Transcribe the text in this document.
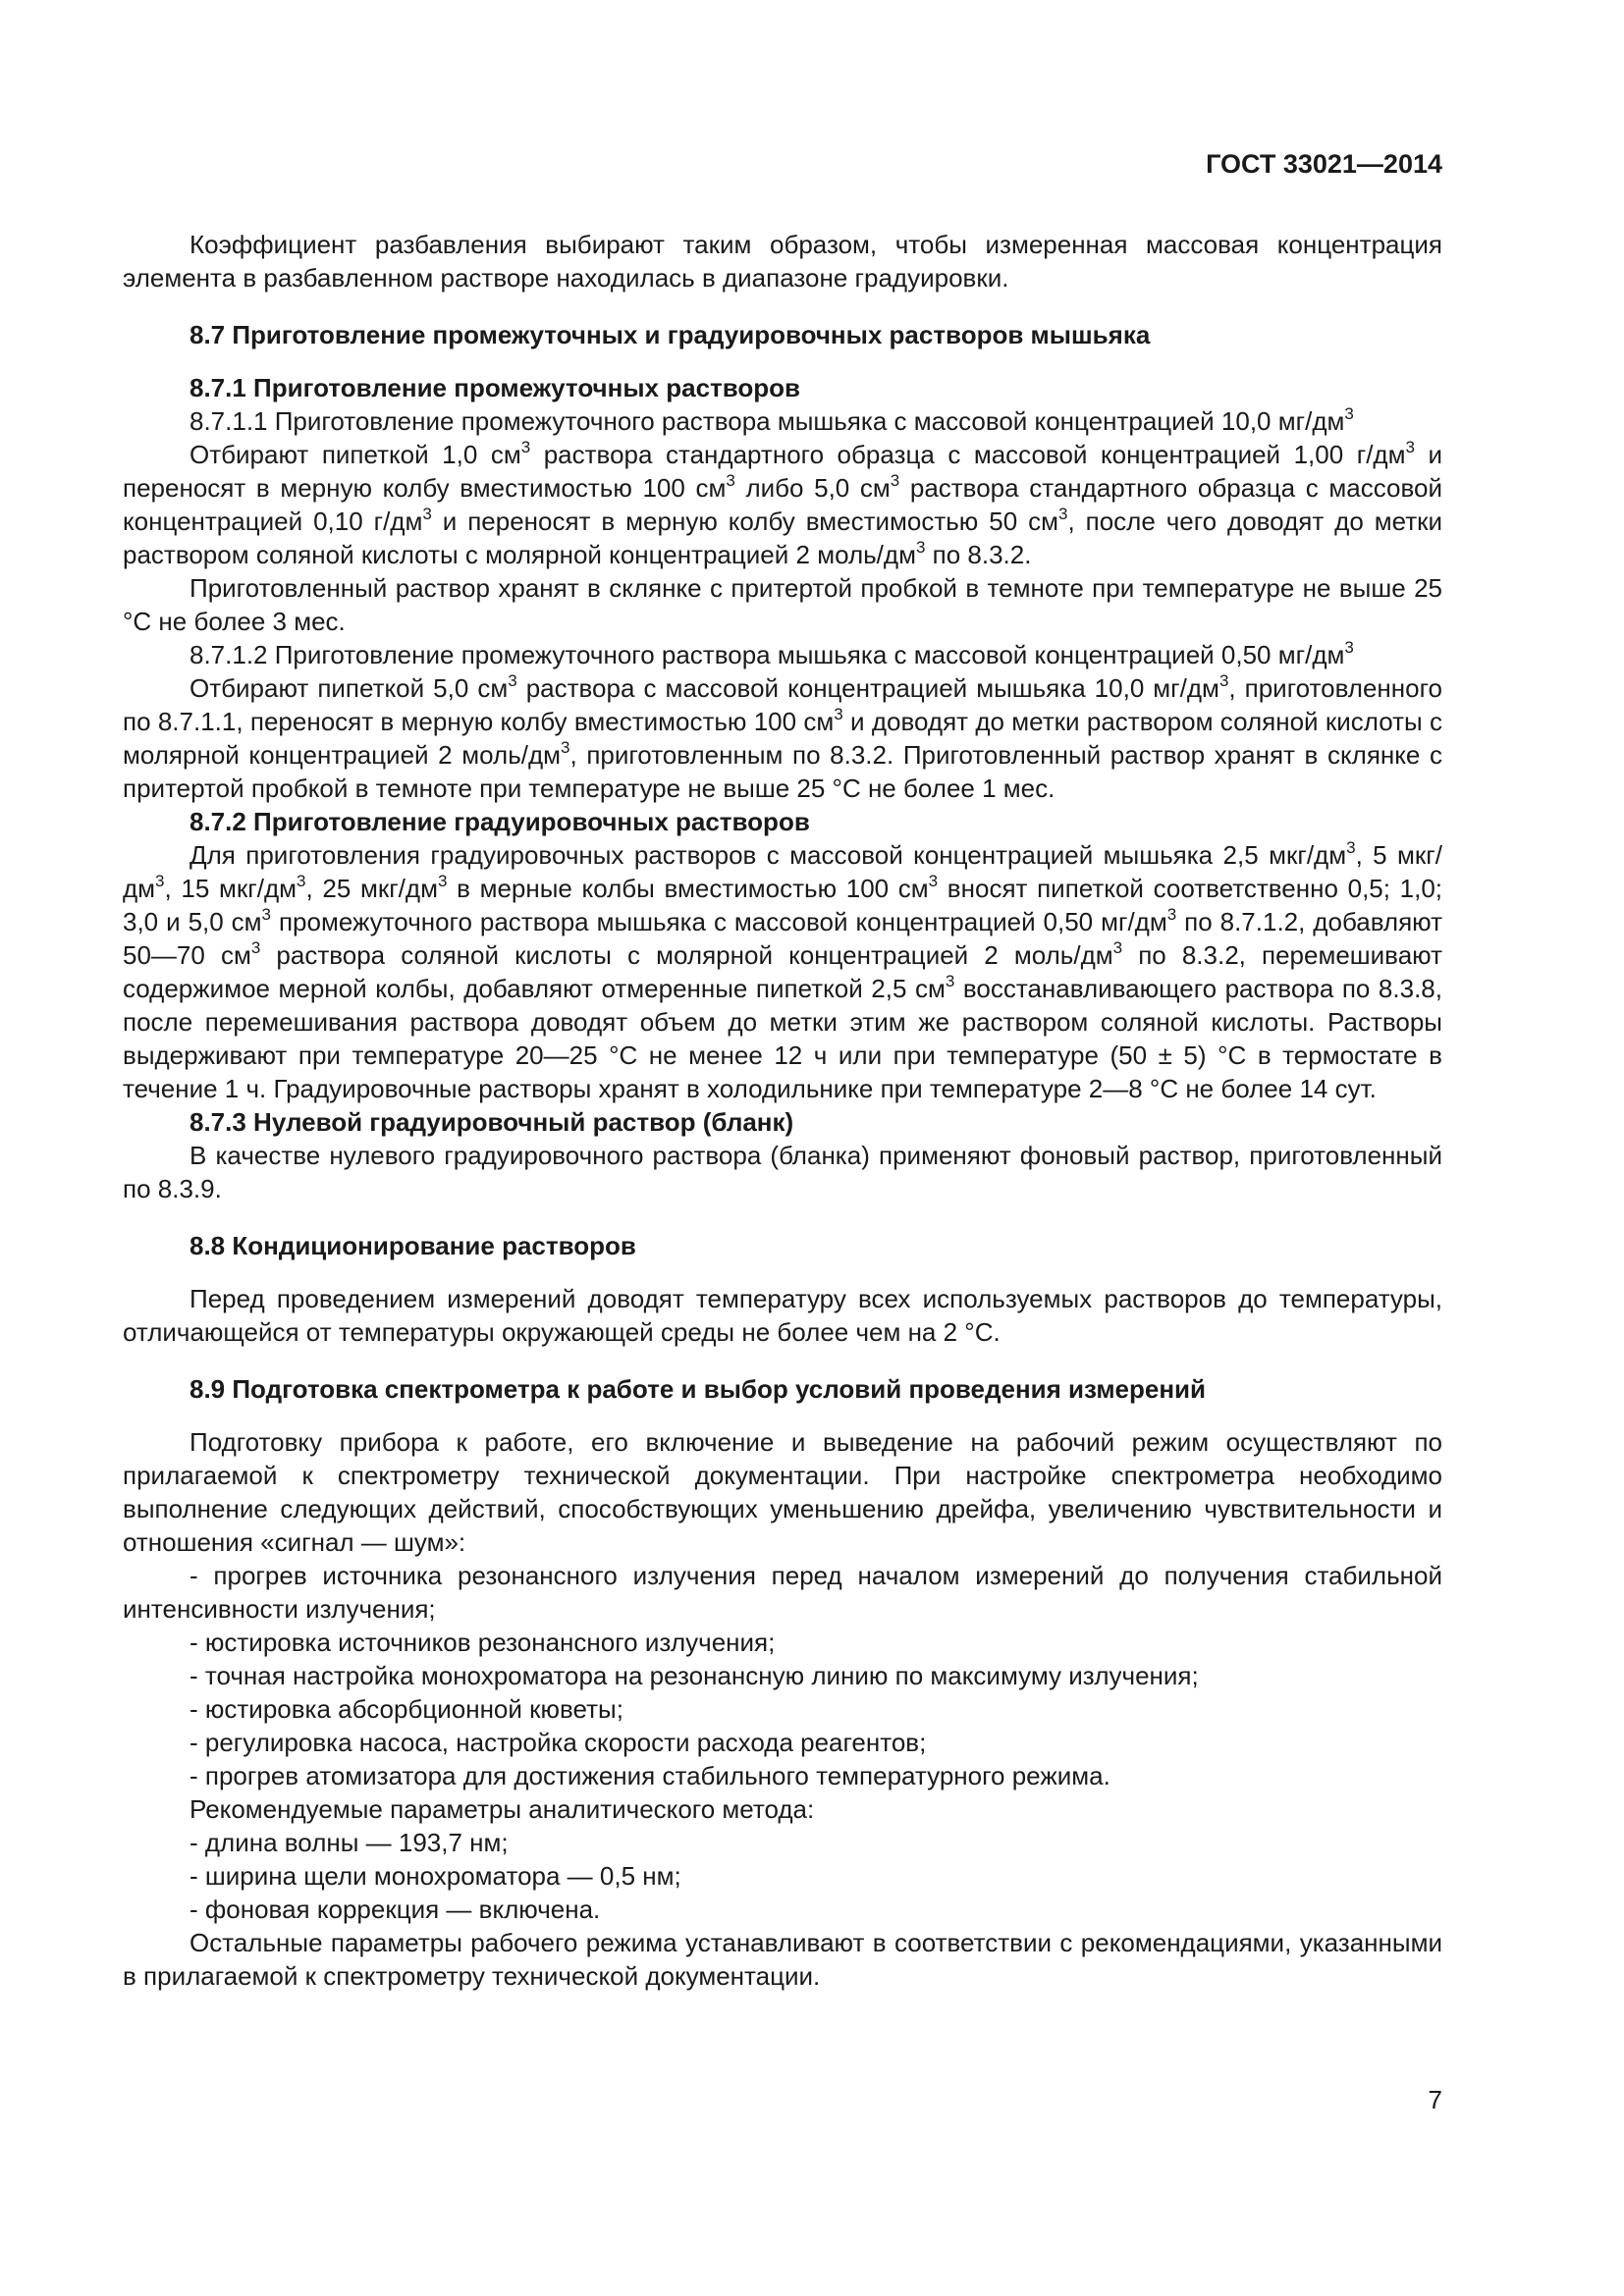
ГОСТ 33021—2014

Коэффициент разбавления выбирают таким образом, чтобы измеренная массовая концентрация элемента в разбавленном растворе находилась в диапазоне градуировки.

8.7 Приготовление промежуточных и градуировочных растворов мышьяка

8.7.1 Приготовление промежуточных растворов

8.7.1.1 Приготовление промежуточного раствора мышьяка с массовой концентрацией 10,0 $мг/дм^3$

Отбирают пипеткой 1,0 $см^3$ раствора стандартного образца с массовой концентрацией 1,00 $г/дм^3$ и переносят в мерную колбу вместимостью 100 $см^3$ либо 5,0 $см^3$ раствора стандартного образца с массовой концентрацией 0,10 $г/дм^3$ и переносят в мерную колбу вместимостью 50 $см^3$, после чего доводят до метки раствором соляной кислоты с молярной концентрацией 2 моль/$дм^3$ по 8.3.2.

Приготовленный раствор хранят в склянке с притертой пробкой в темноте при температуре не выше 25 °С не более 3 мес.

8.7.1.2 Приготовление промежуточного раствора мышьяка с массовой концентрацией 0,50 $мг/дм^3$

Отбирают пипеткой 5,0 $см^3$ раствора с массовой концентрацией мышьяка 10,0 $мг/дм^3$, приготовленного по 8.7.1.1, переносят в мерную колбу вместимостью 100 $см^3$ и доводят до метки раствором соляной кислоты с молярной концентрацией 2 моль/$дм^3$, приготовленным по 8.3.2. Приготовленный раствор хранят в склянке с притертой пробкой в темноте при температуре не выше 25 °С не более 1 мес.

8.7.2 Приготовление градуировочных растворов

Для приготовления градуировочных растворов с массовой концентрацией мышьяка 2,5 мкг/$дм^3$, 5 мкг/$дм^3$, 15 мкг/$дм^3$, 25 мкг/$дм^3$ в мерные колбы вместимостью 100 $см^3$ вносят пипеткой соответственно 0,5; 1,0; 3,0 и 5,0 $см^3$ промежуточного раствора мышьяка с массовой концентрацией 0,50 $мг/дм^3$ по 8.7.1.2, добавляют 50—70 $см^3$ раствора соляной кислоты с молярной концентрацией 2 моль/$дм^3$ по 8.3.2, перемешивают содержимое мерной колбы, добавляют отмеренные пипеткой 2,5 $см^3$ восстанавливающего раствора по 8.3.8, после перемешивания раствора доводят объем до метки этим же раствором соляной кислоты. Растворы выдерживают при температуре 20—25 °С не менее 12 ч или при температуре (50 ± 5) °С в термостате в течение 1 ч. Градуировочные растворы хранят в холодильнике при температуре 2—8 °С не более 14 сут.

8.7.3 Нулевой градуировочный раствор (бланк)

В качестве нулевого градуировочного раствора (бланка) применяют фоновый раствор, приготовленный по 8.3.9.

8.8 Кондиционирование растворов

Перед проведением измерений доводят температуру всех используемых растворов до температуры, отличающейся от температуры окружающей среды не более чем на 2 °С.

8.9 Подготовка спектрометра к работе и выбор условий проведения измерений

Подготовку прибора к работе, его включение и выведение на рабочий режим осуществляют по прилагаемой к спектрометру технической документации. При настройке спектрометра необходимо выполнение следующих действий, способствующих уменьшению дрейфа, увеличению чувствительности и отношения «сигнал — шум»:

- прогрев источника резонансного излучения перед началом измерений до получения стабильной интенсивности излучения;

- юстировка источников резонансного излучения;

- точная настройка монохроматора на резонансную линию по максимуму излучения;

- юстировка абсорбционной кюветы;

- регулировка насоса, настройка скорости расхода реагентов;

- прогрев атомизатора для достижения стабильного температурного режима.

Рекомендуемые параметры аналитического метода:

- длина волны — 193,7 нм;

- ширина щели монохроматора — 0,5 нм;

- фоновая коррекция — включена.

Остальные параметры рабочего режима устанавливают в соответствии с рекомендациями, указанными в прилагаемой к спектрометру технической документации.

7
